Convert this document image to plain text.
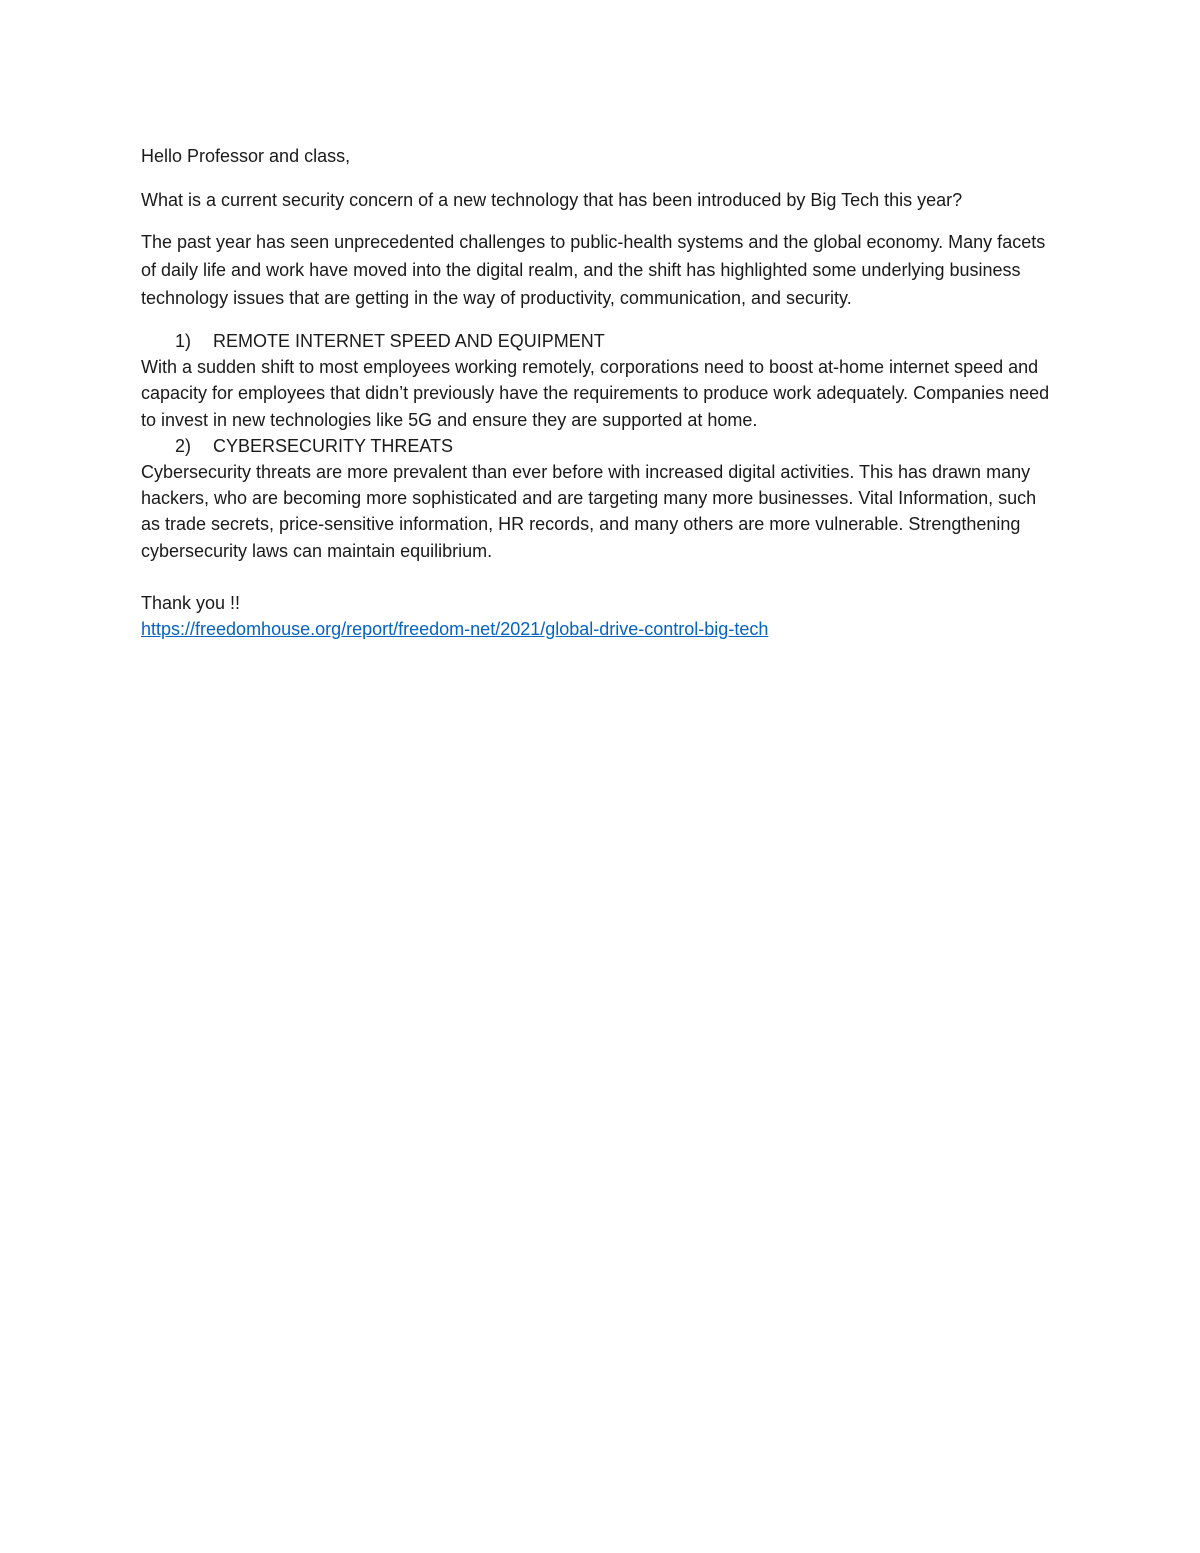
Hello Professor and class,

What is a current security concern of a new technology that has been introduced by Big Tech this year?

The past year has seen unprecedented challenges to public-health systems and the global economy. Many facets of daily life and work have moved into the digital realm, and the shift has highlighted some underlying business technology issues that are getting in the way of productivity, communication, and security.

1)	REMOTE INTERNET SPEED AND EQUIPMENT

With a sudden shift to most employees working remotely, corporations need to boost at-home internet speed and capacity for employees that didn’t previously have the requirements to produce work adequately. Companies need to invest in new technologies like 5G and ensure they are supported at home.

2)	CYBERSECURITY THREATS

Cybersecurity threats are more prevalent than ever before with increased digital activities. This has drawn many hackers, who are becoming more sophisticated and are targeting many more businesses. Vital Information, such as trade secrets, price-sensitive information, HR records, and many others are more vulnerable. Strengthening cybersecurity laws can maintain equilibrium.

Thank you !!

https://freedomhouse.org/report/freedom-net/2021/global-drive-control-big-tech
